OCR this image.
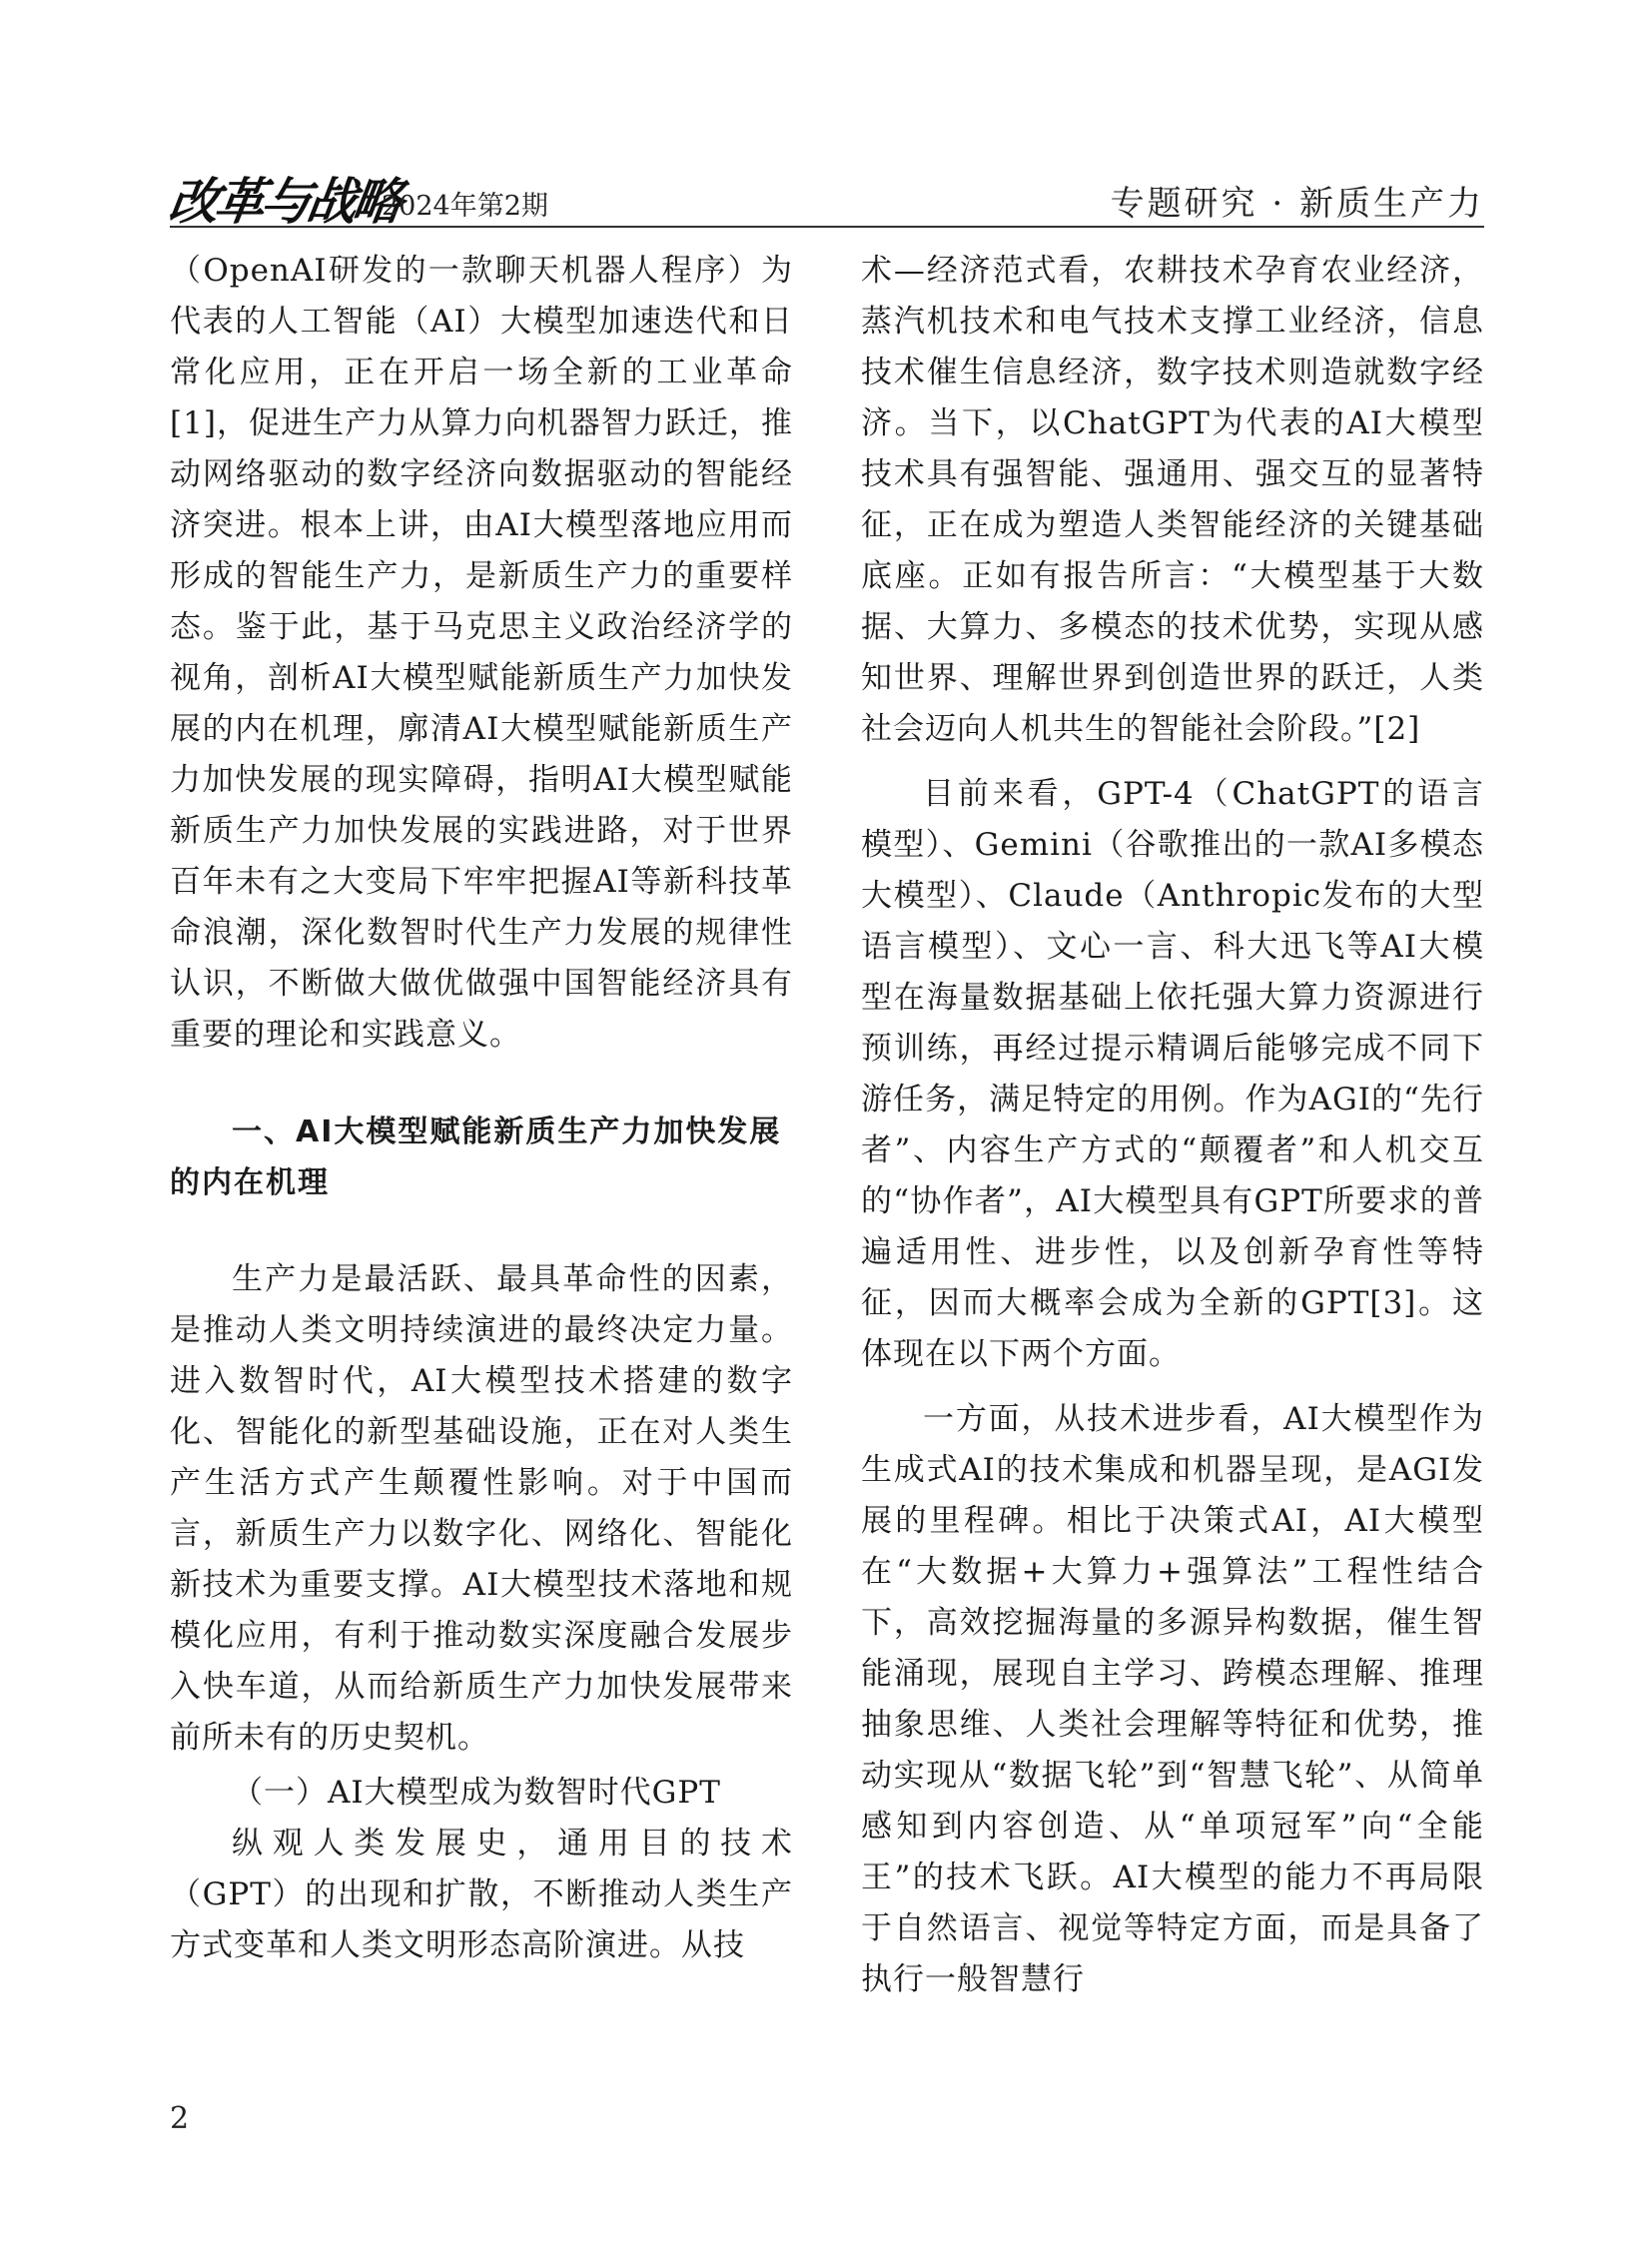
改革与战略
2024年第2期	专题研究 · 新质生产力

（OpenAI研发的一款聊天机器人程序）为代表的人工智能（AI）大模型加速迭代和日常化应用，正在开启一场全新的工业革命[1]，促进生产力从算力向机器智力跃迁，推动网络驱动的数字经济向数据驱动的智能经济突进。根本上讲，由AI大模型落地应用而形成的智能生产力，是新质生产力的重要样态。鉴于此，基于马克思主义政治经济学的视角，剖析AI大模型赋能新质生产力加快发展的内在机理，廓清AI大模型赋能新质生产力加快发展的现实障碍，指明AI大模型赋能新质生产力加快发展的实践进路，对于世界百年未有之大变局下牢牢把握AI等新科技革命浪潮，深化数智时代生产力发展的规律性认识，不断做大做优做强中国智能经济具有重要的理论和实践意义。

一、AI大模型赋能新质生产力加快发展的内在机理

生产力是最活跃、最具革命性的因素，是推动人类文明持续演进的最终决定力量。进入数智时代，AI大模型技术搭建的数字化、智能化的新型基础设施，正在对人类生产生活方式产生颠覆性影响。对于中国而言，新质生产力以数字化、网络化、智能化新技术为重要支撑。AI大模型技术落地和规模化应用，有利于推动数实深度融合发展步入快车道，从而给新质生产力加快发展带来前所未有的历史契机。

（一）AI大模型成为数智时代GPT

纵观人类发展史，通用目的技术（GPT）的出现和扩散，不断推动人类生产方式变革和人类文明形态高阶演进。从技

术—经济范式看，农耕技术孕育农业经济，蒸汽机技术和电气技术支撑工业经济，信息技术催生信息经济，数字技术则造就数字经济。当下，以ChatGPT为代表的AI大模型技术具有强智能、强通用、强交互的显著特征，正在成为塑造人类智能经济的关键基础底座。正如有报告所言：“大模型基于大数据、大算力、多模态的技术优势，实现从感知世界、理解世界到创造世界的跃迁，人类社会迈向人机共生的智能社会阶段。”[2]

目前来看，GPT-4（ChatGPT的语言模型）、Gemini（谷歌推出的一款AI多模态大模型）、Claude（Anthropic发布的大型语言模型）、文心一言、科大迅飞等AI大模型在海量数据基础上依托强大算力资源进行预训练，再经过提示精调后能够完成不同下游任务，满足特定的用例。作为AGI的“先行者”、内容生产方式的“颠覆者”和人机交互的“协作者”，AI大模型具有GPT所要求的普遍适用性、进步性，以及创新孕育性等特征，因而大概率会成为全新的GPT[3]。这体现在以下两个方面。

一方面，从技术进步看，AI大模型作为生成式AI的技术集成和机器呈现，是AGI发展的里程碑。相比于决策式AI，AI大模型在“大数据+大算力+强算法”工程性结合下，高效挖掘海量的多源异构数据，催生智能涌现，展现自主学习、跨模态理解、推理抽象思维、人类社会理解等特征和优势，推动实现从“数据飞轮”到“智慧飞轮”、从简单感知到内容创造、从“单项冠军”向“全能王”的技术飞跃。AI大模型的能力不再局限于自然语言、视觉等特定方面，而是具备了执行一般智慧行

2
